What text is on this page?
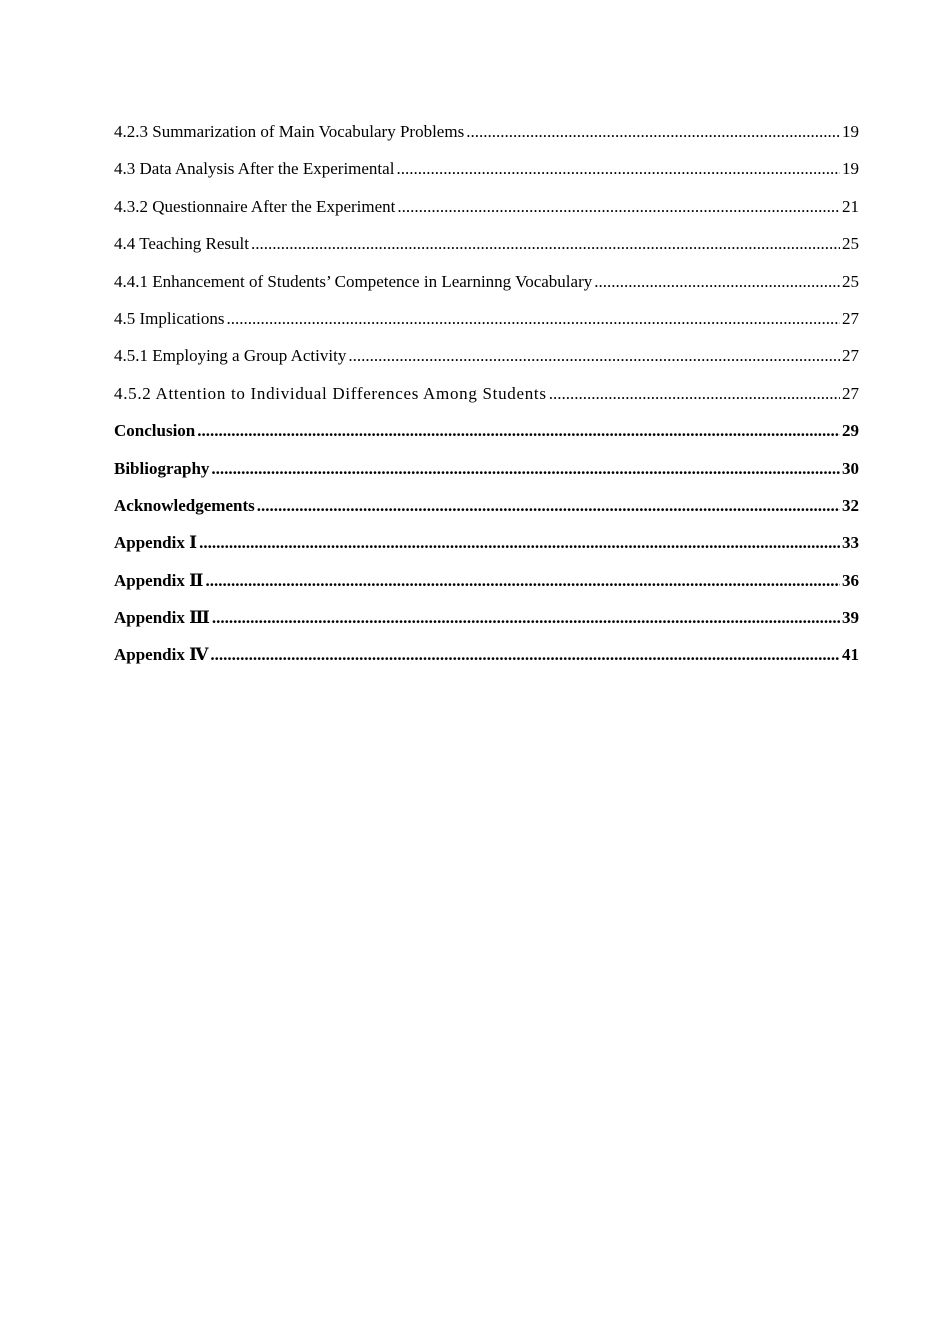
4.2.3 Summarization of Main Vocabulary Problems .....	19
4.3 Data Analysis After the Experimental .....	19
4.3.2 Questionnaire After the Experiment .....	21
4.4 Teaching Result .....	25
4.4.1 Enhancement of Students’ Competence in Learninng Vocabulary .....	25
4.5 Implications .....	27
4.5.1 Employing a Group Activity .....	27
4.5.2 Attention to Individual Differences Among Students .....	27
Conclusion .....	29
Bibliography .....	30
Acknowledgements .....	32
Appendix Ⅰ .....	33
Appendix Ⅱ .....	36
Appendix Ⅲ .....	39
Appendix Ⅳ .....	41
